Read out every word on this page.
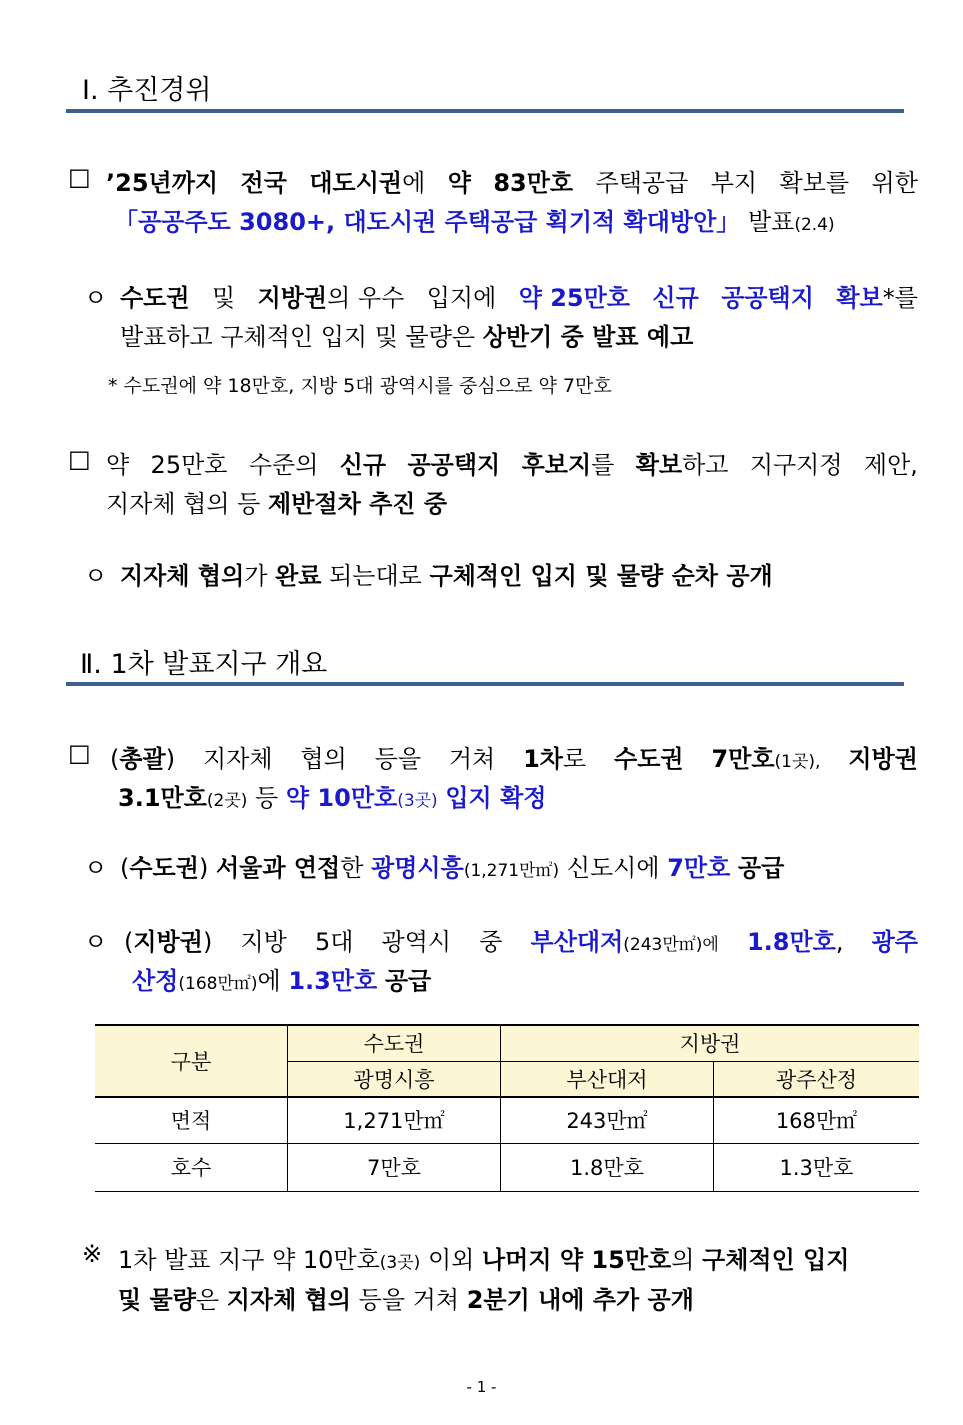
Ⅰ. 추진경위
□ ’25년까지 전국 대도시권에 약 83만호 주택공급 부지 확보를 위한
「공공주도 3080+, 대도시권 주택공급 획기적 확대방안」 발표(2.4)
ㅇ 수도권 및 지방권의 우수 입지에 약 25만호 신규 공공택지 확보*를
발표하고 구체적인 입지 및 물량은 상반기 중 발표 예고
* 수도권에 약 18만호, 지방 5대 광역시를 중심으로 약 7만호
□ 약 25만호 수준의 신규 공공택지 후보지를 확보하고 지구지정 제안,
지자체 협의 등 제반절차 추진 중
ㅇ 지자체 협의가 완료 되는대로 구체적인 입지 및 물량 순차 공개
Ⅱ. 1차 발표지구 개요
□ (총괄) 지자체 협의 등을 거쳐 1차로 수도권 7만호(1곳), 지방권
3.1만호(2곳) 등 약 10만호(3곳) 입지 확정
ㅇ (수도권) 서울과 연접한 광명시흥(1,271만㎡) 신도시에 7만호 공급
ㅇ (지방권) 지방 5대 광역시 중 부산대저(243만㎡)에 1.8만호, 광주
산정(168만㎡)에 1.3만호 공급
구분	수도권	지방권	
	광명시흥	부산대저	광주산정
면적	1,271만㎡	243만㎡	168만㎡
호수	7만호	1.8만호	1.3만호
※ 1차 발표 지구 약 10만호(3곳) 이외 나머지 약 15만호의 구체적인 입지
및 물량은 지자체 협의 등을 거쳐 2분기 내에 추가 공개
- 1 -
